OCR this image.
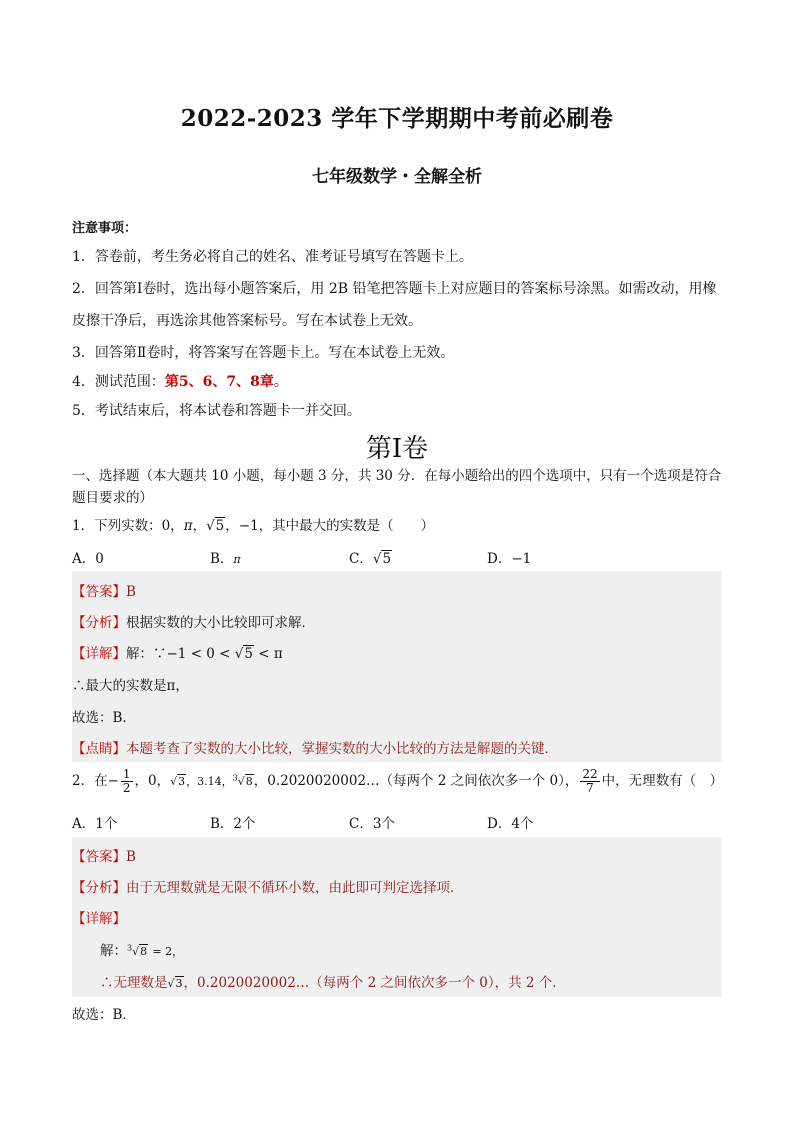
2022-2023 学年下学期期中考前必刷卷
七年级数学・全解全析
注意事项：
1．答卷前，考生务必将自己的姓名、准考证号填写在答题卡上。
2．回答第Ⅰ卷时，选出每小题答案后，用 2B 铅笔把答题卡上对应题目的答案标号涂黑。如需改动，用橡
皮擦干净后，再选涂其他答案标号。写在本试卷上无效。
3．回答第Ⅱ卷时，将答案写在答题卡上。写在本试卷上无效。
4．测试范围：第5、6、7、8章。
5．考试结束后，将本试卷和答题卡一并交回。
第Ⅰ卷
一、选择题（本大题共 10 小题，每小题 3 分，共 30 分．在每小题给出的四个选项中，只有一个选项是符合题目要求的）
1．下列实数：0，π，√5，−1，其中最大的实数是（　　）
A．0	B．π	C．√5	D．−1
【答案】B
【分析】根据实数的大小比较即可求解．
【详解】解：∵−1 < 0 < √5 < π
∴最大的实数是π，
故选：B．
【点睛】本题考查了实数的大小比较，掌握实数的大小比较的方法是解题的关键．
2．在− $\frac{1}{2}$ ，0，√3，3.14，$^3$√8，0.2020020002…（每两个 2 之间依次多一个 0）， $\frac{22}{7}$ 中，无理数有（　）
A．1个	B．2个	C．3个	D．4个
【答案】B
【分析】由于无理数就是无限不循环小数，由此即可判定选择项．
【详解】
解：$^3$√8 = 2，
∴无理数是√3，0.2020020002…（每两个 2 之间依次多一个 0），共 2 个．
故选：B．
